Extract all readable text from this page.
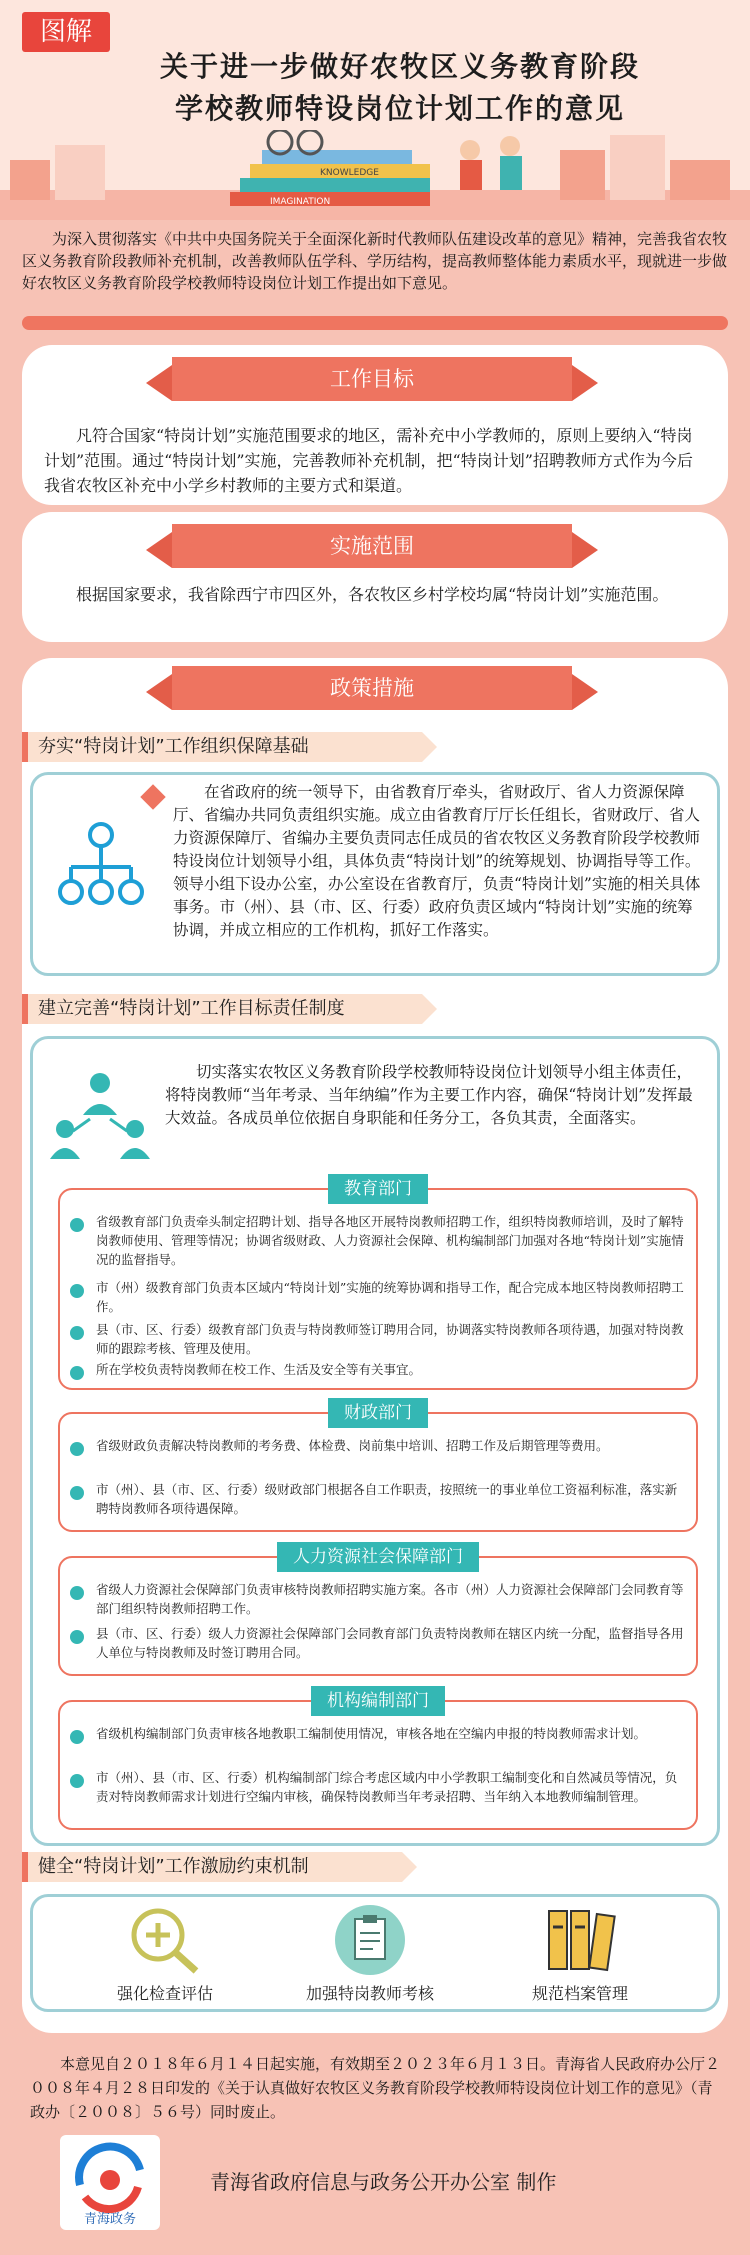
图解
关于进一步做好农牧区义务教育阶段
学校教师特设岗位计划工作的意见
IMAGINATION
KNOWLEDGE
为深入贯彻落实《中共中央国务院关于全面深化新时代教师队伍建设改革的意见》精神，完善我省农牧区义务教育阶段教师补充机制，改善教师队伍学科、学历结构，提高教师整体能力素质水平，现就进一步做好农牧区义务教育阶段学校教师特设岗位计划工作提出如下意见。
工作目标
凡符合国家“特岗计划”实施范围要求的地区，需补充中小学教师的，原则上要纳入“特岗计划”范围。通过“特岗计划”实施，完善教师补充机制，把“特岗计划”招聘教师方式作为今后我省农牧区补充中小学乡村教师的主要方式和渠道。
实施范围
根据国家要求，我省除西宁市四区外，各农牧区乡村学校均属“特岗计划”实施范围。
政策措施
夯实“特岗计划”工作组织保障基础
在省政府的统一领导下，由省教育厅牵头，省财政厅、省人力资源保障厅、省编办共同负责组织实施。成立由省教育厅厅长任组长，省财政厅、省人力资源保障厅、省编办主要负责同志任成员的省农牧区义务教育阶段学校教师特设岗位计划领导小组，具体负责“特岗计划”的统筹规划、协调指导等工作。领导小组下设办公室，办公室设在省教育厅，负责“特岗计划”实施的相关具体事务。市（州）、县（市、区、行委）政府负责区域内“特岗计划”实施的统筹协调，并成立相应的工作机构，抓好工作落实。
建立完善“特岗计划”工作目标责任制度
切实落实农牧区义务教育阶段学校教师特设岗位计划领导小组主体责任，将特岗教师“当年考录、当年纳编”作为主要工作内容，确保“特岗计划”发挥最大效益。各成员单位依据自身职能和任务分工，各负其责，全面落实。
教育部门
省级教育部门负责牵头制定招聘计划、指导各地区开展特岗教师招聘工作，组织特岗教师培训，及时了解特岗教师使用、管理等情况；协调省级财政、人力资源社会保障、机构编制部门加强对各地“特岗计划”实施情况的监督指导。
市（州）级教育部门负责本区域内“特岗计划”实施的统筹协调和指导工作，配合完成本地区特岗教师招聘工作。
县（市、区、行委）级教育部门负责与特岗教师签订聘用合同，协调落实特岗教师各项待遇，加强对特岗教师的跟踪考核、管理及使用。
所在学校负责特岗教师在校工作、生活及安全等有关事宜。
财政部门
省级财政负责解决特岗教师的考务费、体检费、岗前集中培训、招聘工作及后期管理等费用。
市（州）、县（市、区、行委）级财政部门根据各自工作职责，按照统一的事业单位工资福利标准，落实新聘特岗教师各项待遇保障。
人力资源社会保障部门
省级人力资源社会保障部门负责审核特岗教师招聘实施方案。各市（州）人力资源社会保障部门会同教育等部门组织特岗教师招聘工作。
县（市、区、行委）级人力资源社会保障部门会同教育部门负责特岗教师在辖区内统一分配，监督指导各用人单位与特岗教师及时签订聘用合同。
机构编制部门
省级机构编制部门负责审核各地教职工编制使用情况，审核各地在空编内申报的特岗教师需求计划。
市（州）、县（市、区、行委）机构编制部门综合考虑区域内中小学教职工编制变化和自然减员等情况，负责对特岗教师需求计划进行空编内审核，确保特岗教师当年考录招聘、当年纳入本地教师编制管理。
健全“特岗计划”工作激励约束机制
强化检查评估	加强特岗教师考核	规范档案管理
本意见自２０１８年６月１４日起实施，有效期至２０２３年６月１３日。青海省人民政府办公厅２００８年４月２８日印发的《关于认真做好农牧区义务教育阶段学校教师特设岗位计划工作的意见》（青政办〔２００８〕５６号）同时废止。
青海政务
青海省政府信息与政务公开办公室 制作
